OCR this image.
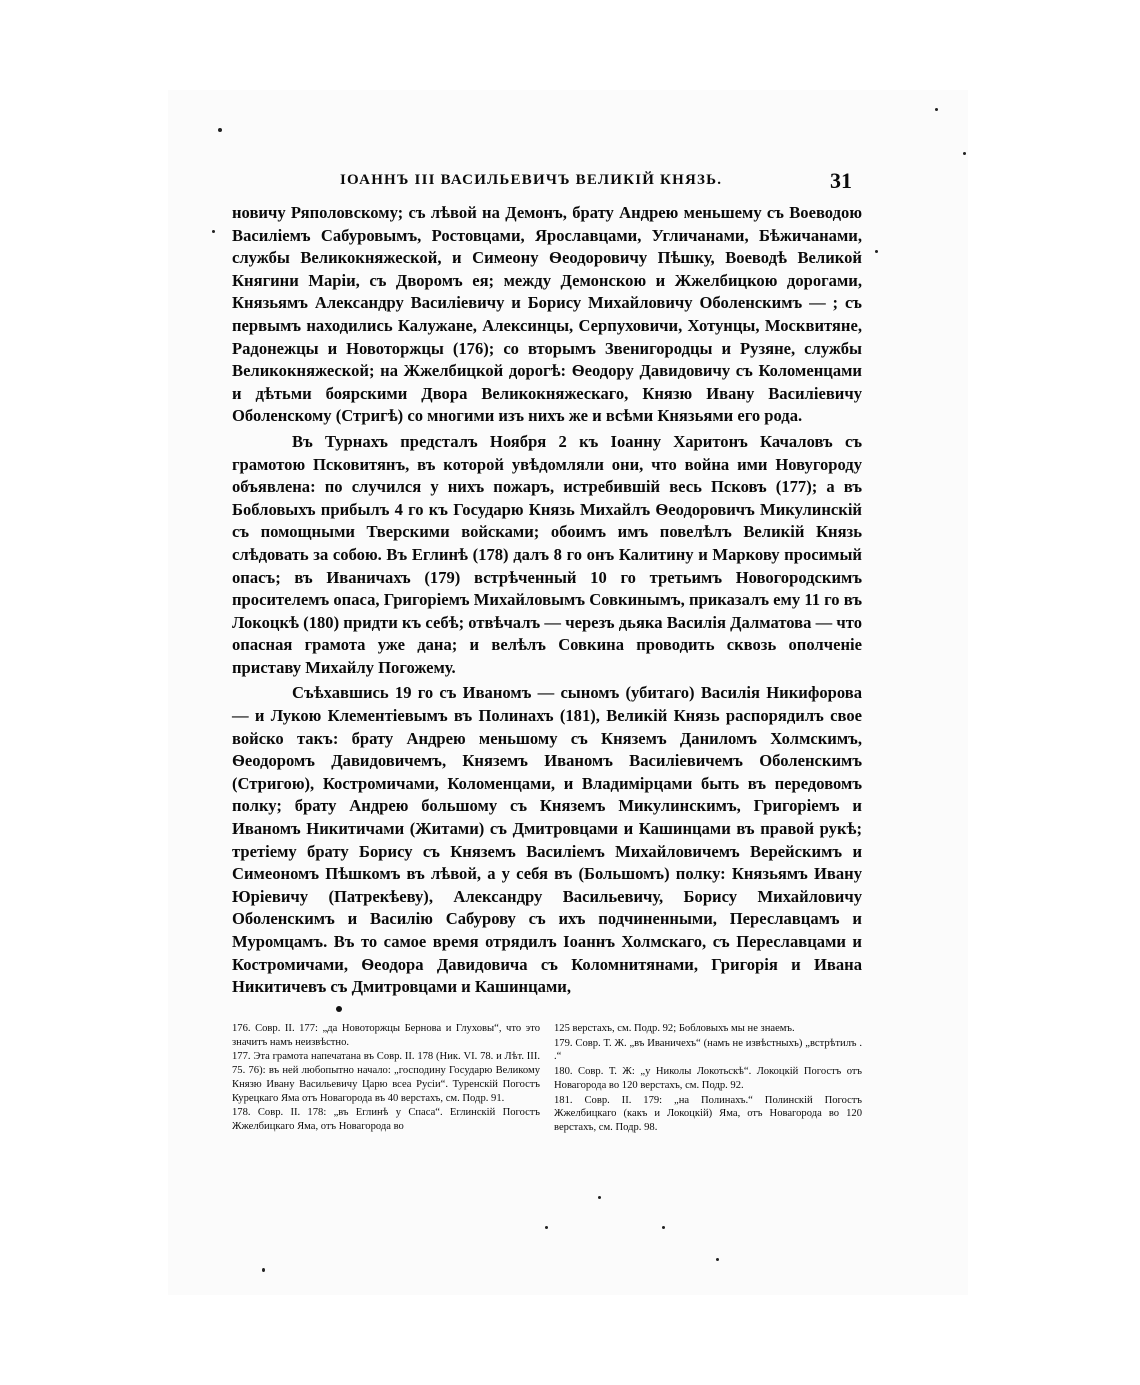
ІОАННЪ ІІІ ВАСИЛЬЕВИЧЪ ВЕЛИКІЙ КНЯЗЬ.	31

новичу Ряполовскому; съ лѣвой на Демонъ, брату Андрею меньшему съ Воеводою Василіемъ Сабуровымъ, Ростовцами, Ярославцами, Угличанами, Бѣжичанами, службы Великокняжеской, и Симеону Ѳеодоровичу Пѣшку, Воеводѣ Великой Княгини Маріи, съ Дворомъ ея; между Демонскою и Жжелбицкою дорогами, Князьямъ Александру Василіевичу и Борису Михайловичу Оболенскимъ — ; съ первымъ находились Калужане, Алексинцы, Серпуховичи, Хотунцы, Москвитяне, Радонежцы и Новоторжцы (176); со вторымъ Звенигородцы и Рузяне, службы Великокняжеской; на Жжелбицкой дорогѣ: Ѳеодору Давидовичу съ Коломенцами и дѣтьми боярскими Двора Великокняжескаго, Князю Ивану Василіевичу Оболенскому (Стригѣ) со многими изъ нихъ же и всѣми Князьями его рода.

Въ Турнахъ предсталъ Ноября 2 къ Іоанну Харитонъ Качаловъ съ грамотою Псковитянъ, въ которой увѣдомляли они, что война ими Новугороду объявлена: по случился у нихъ пожаръ, истребившій весь Псковъ (177); а въ Бобловыхъ прибылъ 4 го къ Государю Князь Михайлъ Ѳеодоровичъ Микулинскій съ помощными Тверскими войсками; обоимъ имъ повелѣлъ Великій Князь слѣдовать за собою. Въ Еглинѣ (178) далъ 8 го онъ Калитину и Маркову просимый опасъ; въ Иваничахъ (179) встрѣченный 10 го третьимъ Новогородскимъ просителемъ опаса, Григоріемъ Михайловымъ Совкинымъ, приказалъ ему 11 го въ Локоцкѣ (180) придти къ себѣ; отвѣчалъ — черезъ дьяка Василія Далматова — что опасная грамота уже дана; и велѣлъ Совкина проводить сквозь ополченіе приставу Михайлу Погожему.

Съѣхавшись 19 го съ Иваномъ — сыномъ (убитаго) Василія Никифорова — и Лукою Клементіевымъ въ Полинахъ (181), Великій Князь распорядилъ свое войско такъ: брату Андрею меньшому съ Княземъ Даниломъ Холмскимъ, Ѳеодоромъ Давидовичемъ, Княземъ Иваномъ Василіевичемъ Оболенскимъ (Стригою), Костромичами, Коломенцами, и Владимірцами быть въ передовомъ полку; брату Андрею большому съ Княземъ Микулинскимъ, Григоріемъ и Иваномъ Никитичами (Житами) съ Дмитровцами и Кашинцами въ правой рукѣ; третіему брату Борису съ Княземъ Василіемъ Михайловичемъ Верейскимъ и Симеономъ Пѣшкомъ въ лѣвой, а у себя въ (Большомъ) полку: Князьямъ Ивану Юріевичу (Патрекѣеву), Александру Васильевичу, Борису Михайловичу Оболенскимъ и Василію Сабурову съ ихъ подчиненными, Переславцамъ и Муромцамъ. Въ то самое время отрядилъ Іоаннъ Холмскаго, съ Переславцами и Костромичами, Ѳеодора Давидовича съ Коломнитянами, Григорія и Ивана Никитичевъ съ Дмитровцами и Кашинцами,

176. Совр. II. 177: „да Новоторжцы Бернова и Глуховы“, что это значитъ намъ неизвѣстно.

177. Эта грамота напечатана въ Совр. II. 178 (Ник. VI. 78. и Лѣт. III. 75. 76): въ ней любопытно начало: „господину Государю Великому Князю Ивану Васильевичу Царю всеа Русіи“. Туренскій Погостъ Курецкаго Яма отъ Новагорода въ 40 верстахъ, см. Подр. 91.

178. Совр. II. 178: „въ Еглинѣ у Спаса“. Еглинскій Погостъ Жжелбицкаго Яма, отъ Новагорода во

125 верстахъ, см. Подр. 92; Бобловыхъ мы не знаемъ.

179. Совр. Т. Ж. „въ Иваничехъ“ (намъ не извѣстныхъ) „встрѣтилъ . .“

180. Совр. Т. Ж: „у Николы Локотьскѣ“. Локоцкій Погостъ отъ Новагорода во 120 верстахъ, см. Подр. 92.

181. Совр. II. 179: „на Полинахъ.“ Полинскій Погостъ Жжелбицкаго (какъ и Локоцкій) Яма, отъ Новагорода во 120 верстахъ, см. Подр. 98.
